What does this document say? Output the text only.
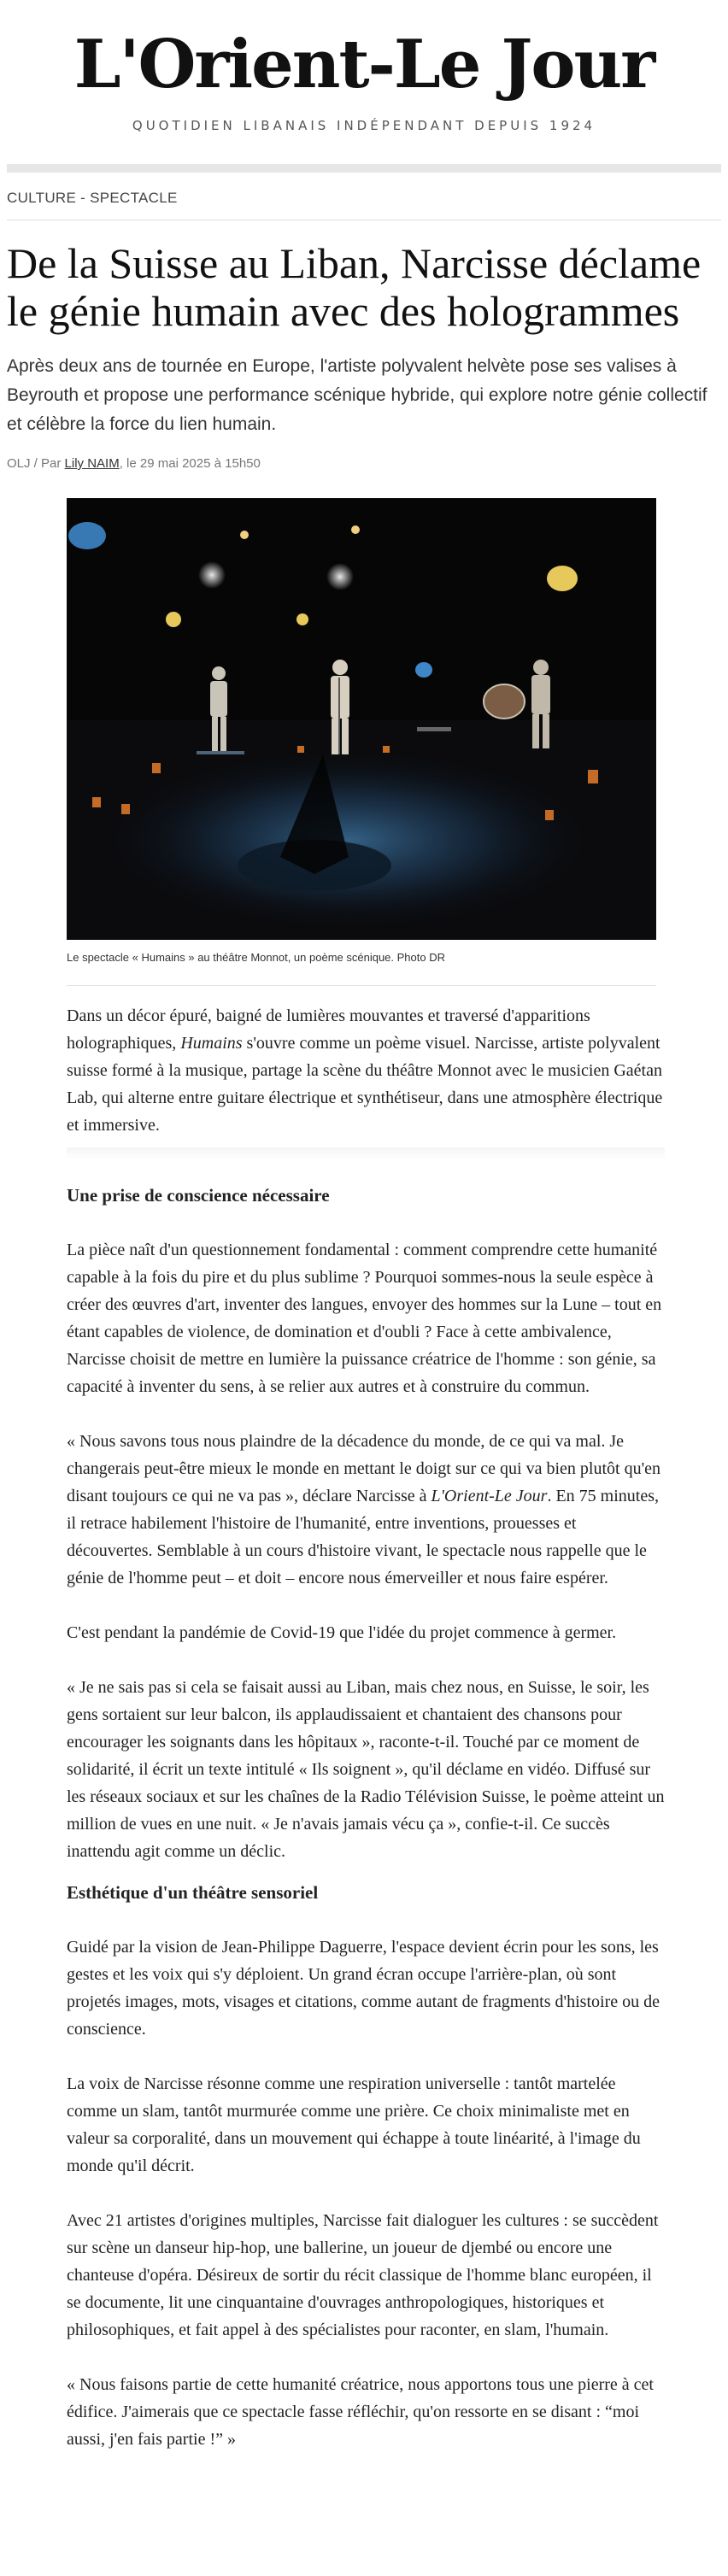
L'Orient-Le Jour
QUOTIDIEN LIBANAIS INDÉPENDANT DEPUIS 1924
CULTURE - SPECTACLE
De la Suisse au Liban, Narcisse déclame le génie humain avec des hologrammes

Après deux ans de tournée en Europe, l'artiste polyvalent helvète pose ses valises à Beyrouth et propose une performance scénique hybride, qui explore notre génie collectif et célèbre la force du lien humain.

OLJ / Par Lily NAIM, le 29 mai 2025 à 15h50
Le spectacle « Humains » au théâtre Monnot, un poème scénique. Photo DR

Dans un décor épuré, baigné de lumières mouvantes et traversé d'apparitions holographiques, Humains s'ouvre comme un poème visuel. Narcisse, artiste polyvalent suisse formé à la musique, partage la scène du théâtre Monnot avec le musicien Gaétan Lab, qui alterne entre guitare électrique et synthétiseur, dans une atmosphère électrique et immersive.

Une prise de conscience nécessaire

La pièce naît d'un questionnement fondamental : comment comprendre cette humanité capable à la fois du pire et du plus sublime ? Pourquoi sommes-nous la seule espèce à créer des œuvres d'art, inventer des langues, envoyer des hommes sur la Lune – tout en étant capables de violence, de domination et d'oubli ? Face à cette ambivalence, Narcisse choisit de mettre en lumière la puissance créatrice de l'homme : son génie, sa capacité à inventer du sens, à se relier aux autres et à construire du commun.

« Nous savons tous nous plaindre de la décadence du monde, de ce qui va mal. Je changerais peut-être mieux le monde en mettant le doigt sur ce qui va bien plutôt qu'en disant toujours ce qui ne va pas », déclare Narcisse à L'Orient-Le Jour. En 75 minutes, il retrace habilement l'histoire de l'humanité, entre inventions, prouesses et découvertes. Semblable à un cours d'histoire vivant, le spectacle nous rappelle que le génie de l'homme peut – et doit – encore nous émerveiller et nous faire espérer.

C'est pendant la pandémie de Covid-19 que l'idée du projet commence à germer.

« Je ne sais pas si cela se faisait aussi au Liban, mais chez nous, en Suisse, le soir, les gens sortaient sur leur balcon, ils applaudissaient et chantaient des chansons pour encourager les soignants dans les hôpitaux », raconte-t-il. Touché par ce moment de solidarité, il écrit un texte intitulé « Ils soignent », qu'il déclame en vidéo. Diffusé sur les réseaux sociaux et sur les chaînes de la Radio Télévision Suisse, le poème atteint un million de vues en une nuit. « Je n'avais jamais vécu ça », confie-t-il. Ce succès inattendu agit comme un déclic.

Esthétique d'un théâtre sensoriel

Guidé par la vision de Jean-Philippe Daguerre, l'espace devient écrin pour les sons, les gestes et les voix qui s'y déploient. Un grand écran occupe l'arrière-plan, où sont projetés images, mots, visages et citations, comme autant de fragments d'histoire ou de conscience.

La voix de Narcisse résonne comme une respiration universelle : tantôt martelée comme un slam, tantôt murmurée comme une prière. Ce choix minimaliste met en valeur sa corporalité, dans un mouvement qui échappe à toute linéarité, à l'image du monde qu'il décrit.

Avec 21 artistes d'origines multiples, Narcisse fait dialoguer les cultures : se succèdent sur scène un danseur hip-hop, une ballerine, un joueur de djembé ou encore une chanteuse d'opéra. Désireux de sortir du récit classique de l'homme blanc européen, il se documente, lit une cinquantaine d'ouvrages anthropologiques, historiques et philosophiques, et fait appel à des spécialistes pour raconter, en slam, l'humain.

« Nous faisons partie de cette humanité créatrice, nous apportons tous une pierre à cet édifice. J'aimerais que ce spectacle fasse réfléchir, qu'on ressorte en se disant : “moi aussi, j'en fais partie !” »
